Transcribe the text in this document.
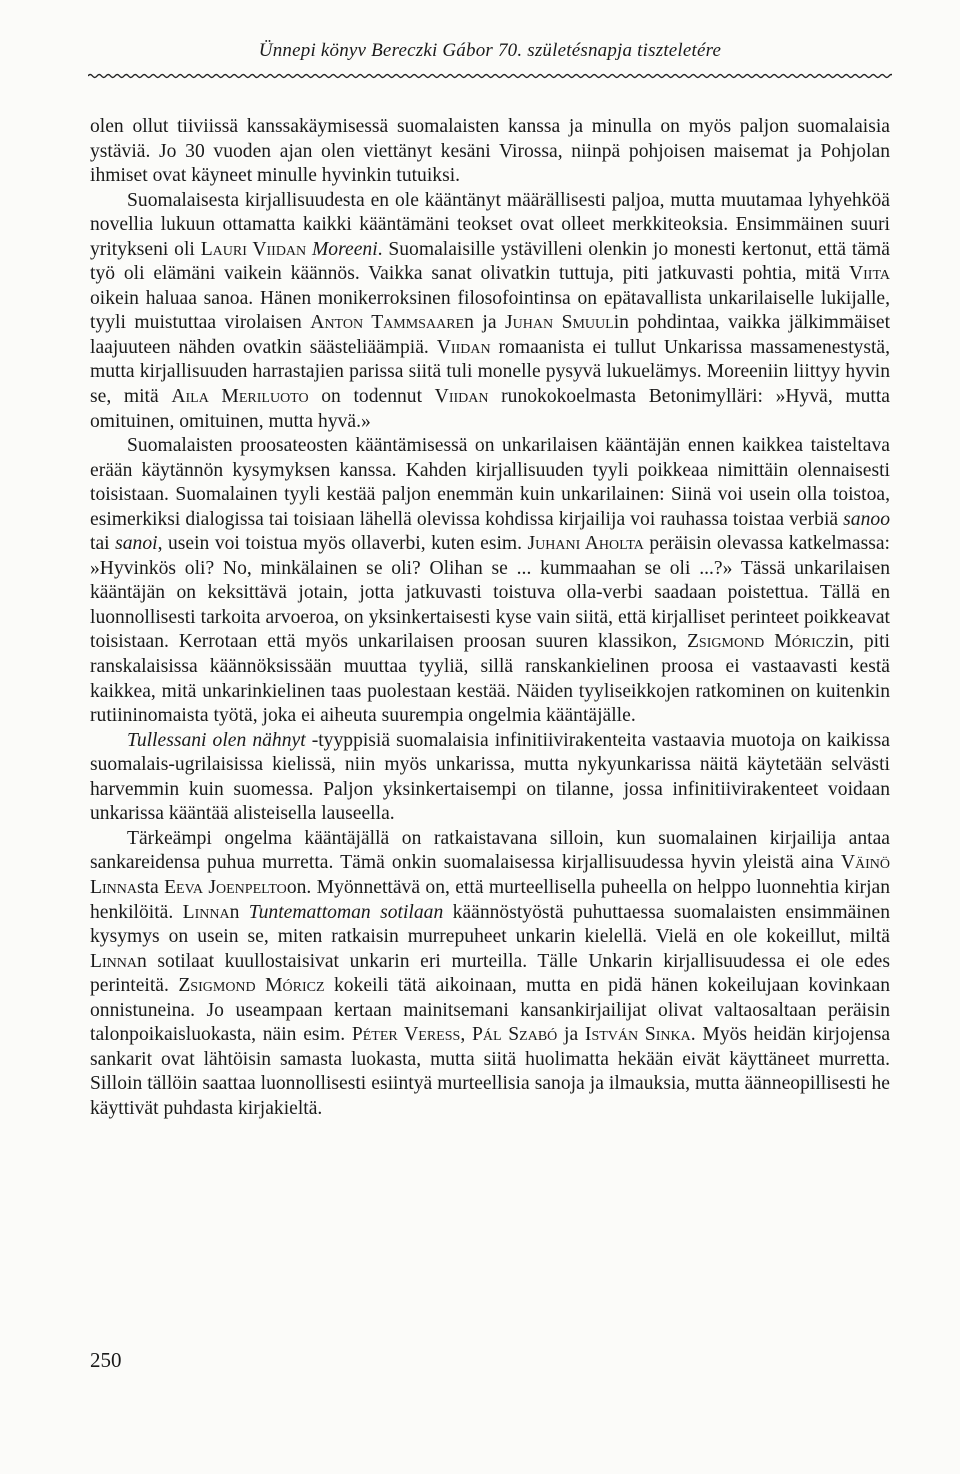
Ünnepi könyv Bereczki Gábor 70. születésnapja tiszteletére

olen ollut tiiviissä kanssakäymisessä suomalaisten kanssa ja minulla on myös paljon suomalaisia ystäviä. Jo 30 vuoden ajan olen viettänyt kesäni Virossa, niinpä pohjoisen maisemat ja Pohjolan ihmiset ovat käyneet minulle hyvinkin tutuiksi.

Suomalaisesta kirjallisuudesta en ole kääntänyt määrällisesti paljoa, mutta muutamaa lyhyehköä novellia lukuun ottamatta kaikki kääntämäni teokset ovat olleet merkkiteoksia. Ensimmäinen suuri yritykseni oli Lauri Viidan Moreeni. Suomalaisille ystävilleni olenkin jo monesti kertonut, että tämä työ oli elämäni vaikein käännös. Vaikka sanat olivatkin tuttuja, piti jatkuvasti pohtia, mitä Viita oikein haluaa sanoa. Hänen monikerroksinen filosofointinsa on epätavallista unkarilaiselle lukijalle, tyyli muistuttaa virolaisen Anton Tammsaaren ja Juhan Smuulin pohdintaa, vaikka jälkimmäiset laajuuteen nähden ovatkin säästeliäämpiä. Viidan romaanista ei tullut Unkarissa massamenestystä, mutta kirjallisuuden harrastajien parissa siitä tuli monelle pysyvä lukuelämys. Moreeniin liittyy hyvin se, mitä Aila Meriluoto on todennut Viidan runokokoelmasta Betonimylläri: »Hyvä, mutta omituinen, omituinen, mutta hyvä.»

Suomalaisten proosateosten kääntämisessä on unkarilaisen kääntäjän ennen kaikkea taisteltava erään käytännön kysymyksen kanssa. Kahden kirjallisuuden tyyli poikkeaa nimittäin olennaisesti toisistaan. Suomalainen tyyli kestää paljon enemmän kuin unkarilainen: Siinä voi usein olla toistoa, esimerkiksi dialogissa tai toisiaan lähellä olevissa kohdissa kirjailija voi rauhassa toistaa verbiä sanoo tai sanoi, usein voi toistua myös ollaverbi, kuten esim. Juhani Aholta peräisin olevassa katkelmassa: »Hyvinkös oli? No, minkälainen se oli? Olihan se ... kummaahan se oli ...?» Tässä unkarilaisen kääntäjän on keksittävä jotain, jotta jatkuvasti toistuva olla-verbi saadaan poistettua. Tällä en luonnollisesti tarkoita arvoeroa, on yksinkertaisesti kyse vain siitä, että kirjalliset perinteet poikkeavat toisistaan. Kerrotaan että myös unkarilaisen proosan suuren klassikon, Zsigmond Móriczin, piti ranskalaisissa käännöksissään muuttaa tyyliä, sillä ranskankielinen proosa ei vastaavasti kestä kaikkea, mitä unkarinkielinen taas puolestaan kestää. Näiden tyyliseikkojen ratkominen on kuitenkin rutiininomaista työtä, joka ei aiheuta suurempia ongelmia kääntäjälle.

Tullessani olen nähnyt -tyyppisiä suomalaisia infinitiivirakenteita vastaavia muotoja on kaikissa suomalais-ugrilaisissa kielissä, niin myös unkarissa, mutta nykyunkarissa näitä käytetään selvästi harvemmin kuin suomessa. Paljon yksinkertaisempi on tilanne, jossa infinitiivirakenteet voidaan unkarissa kääntää alisteisella lauseella.

Tärkeämpi ongelma kääntäjällä on ratkaistavana silloin, kun suomalainen kirjailija antaa sankareidensa puhua murretta. Tämä onkin suomalaisessa kirjallisuudessa hyvin yleistä aina Väinö Linnasta Eeva Joenpeltoon. Myönnettävä on, että murteellisella puheella on helppo luonnehtia kirjan henkilöitä. Linnan Tuntemattoman sotilaan käännöstyöstä puhuttaessa suomalaisten ensimmäinen kysymys on usein se, miten ratkaisin murrepuheet unkarin kielellä. Vielä en ole kokeillut, miltä Linnan sotilaat kuullostaisivat unkarin eri murteilla. Tälle Unkarin kirjallisuudessa ei ole edes perinteitä. Zsigmond Móricz kokeili tätä aikoinaan, mutta en pidä hänen kokeilujaan kovinkaan onnistuneina. Jo useampaan kertaan mainitsemani kansankirjailijat olivat valtaosaltaan peräisin talonpoikaisluokasta, näin esim. Péter Veress, Pál Szabó ja István Sinka. Myös heidän kirjojensa sankarit ovat lähtöisin samasta luokasta, mutta siitä huolimatta hekään eivät käyttäneet murretta. Silloin tällöin saattaa luonnollisesti esiintyä murteellisia sanoja ja ilmauksia, mutta äänneopillisesti he käyttivät puhdasta kirjakieltä.

250
